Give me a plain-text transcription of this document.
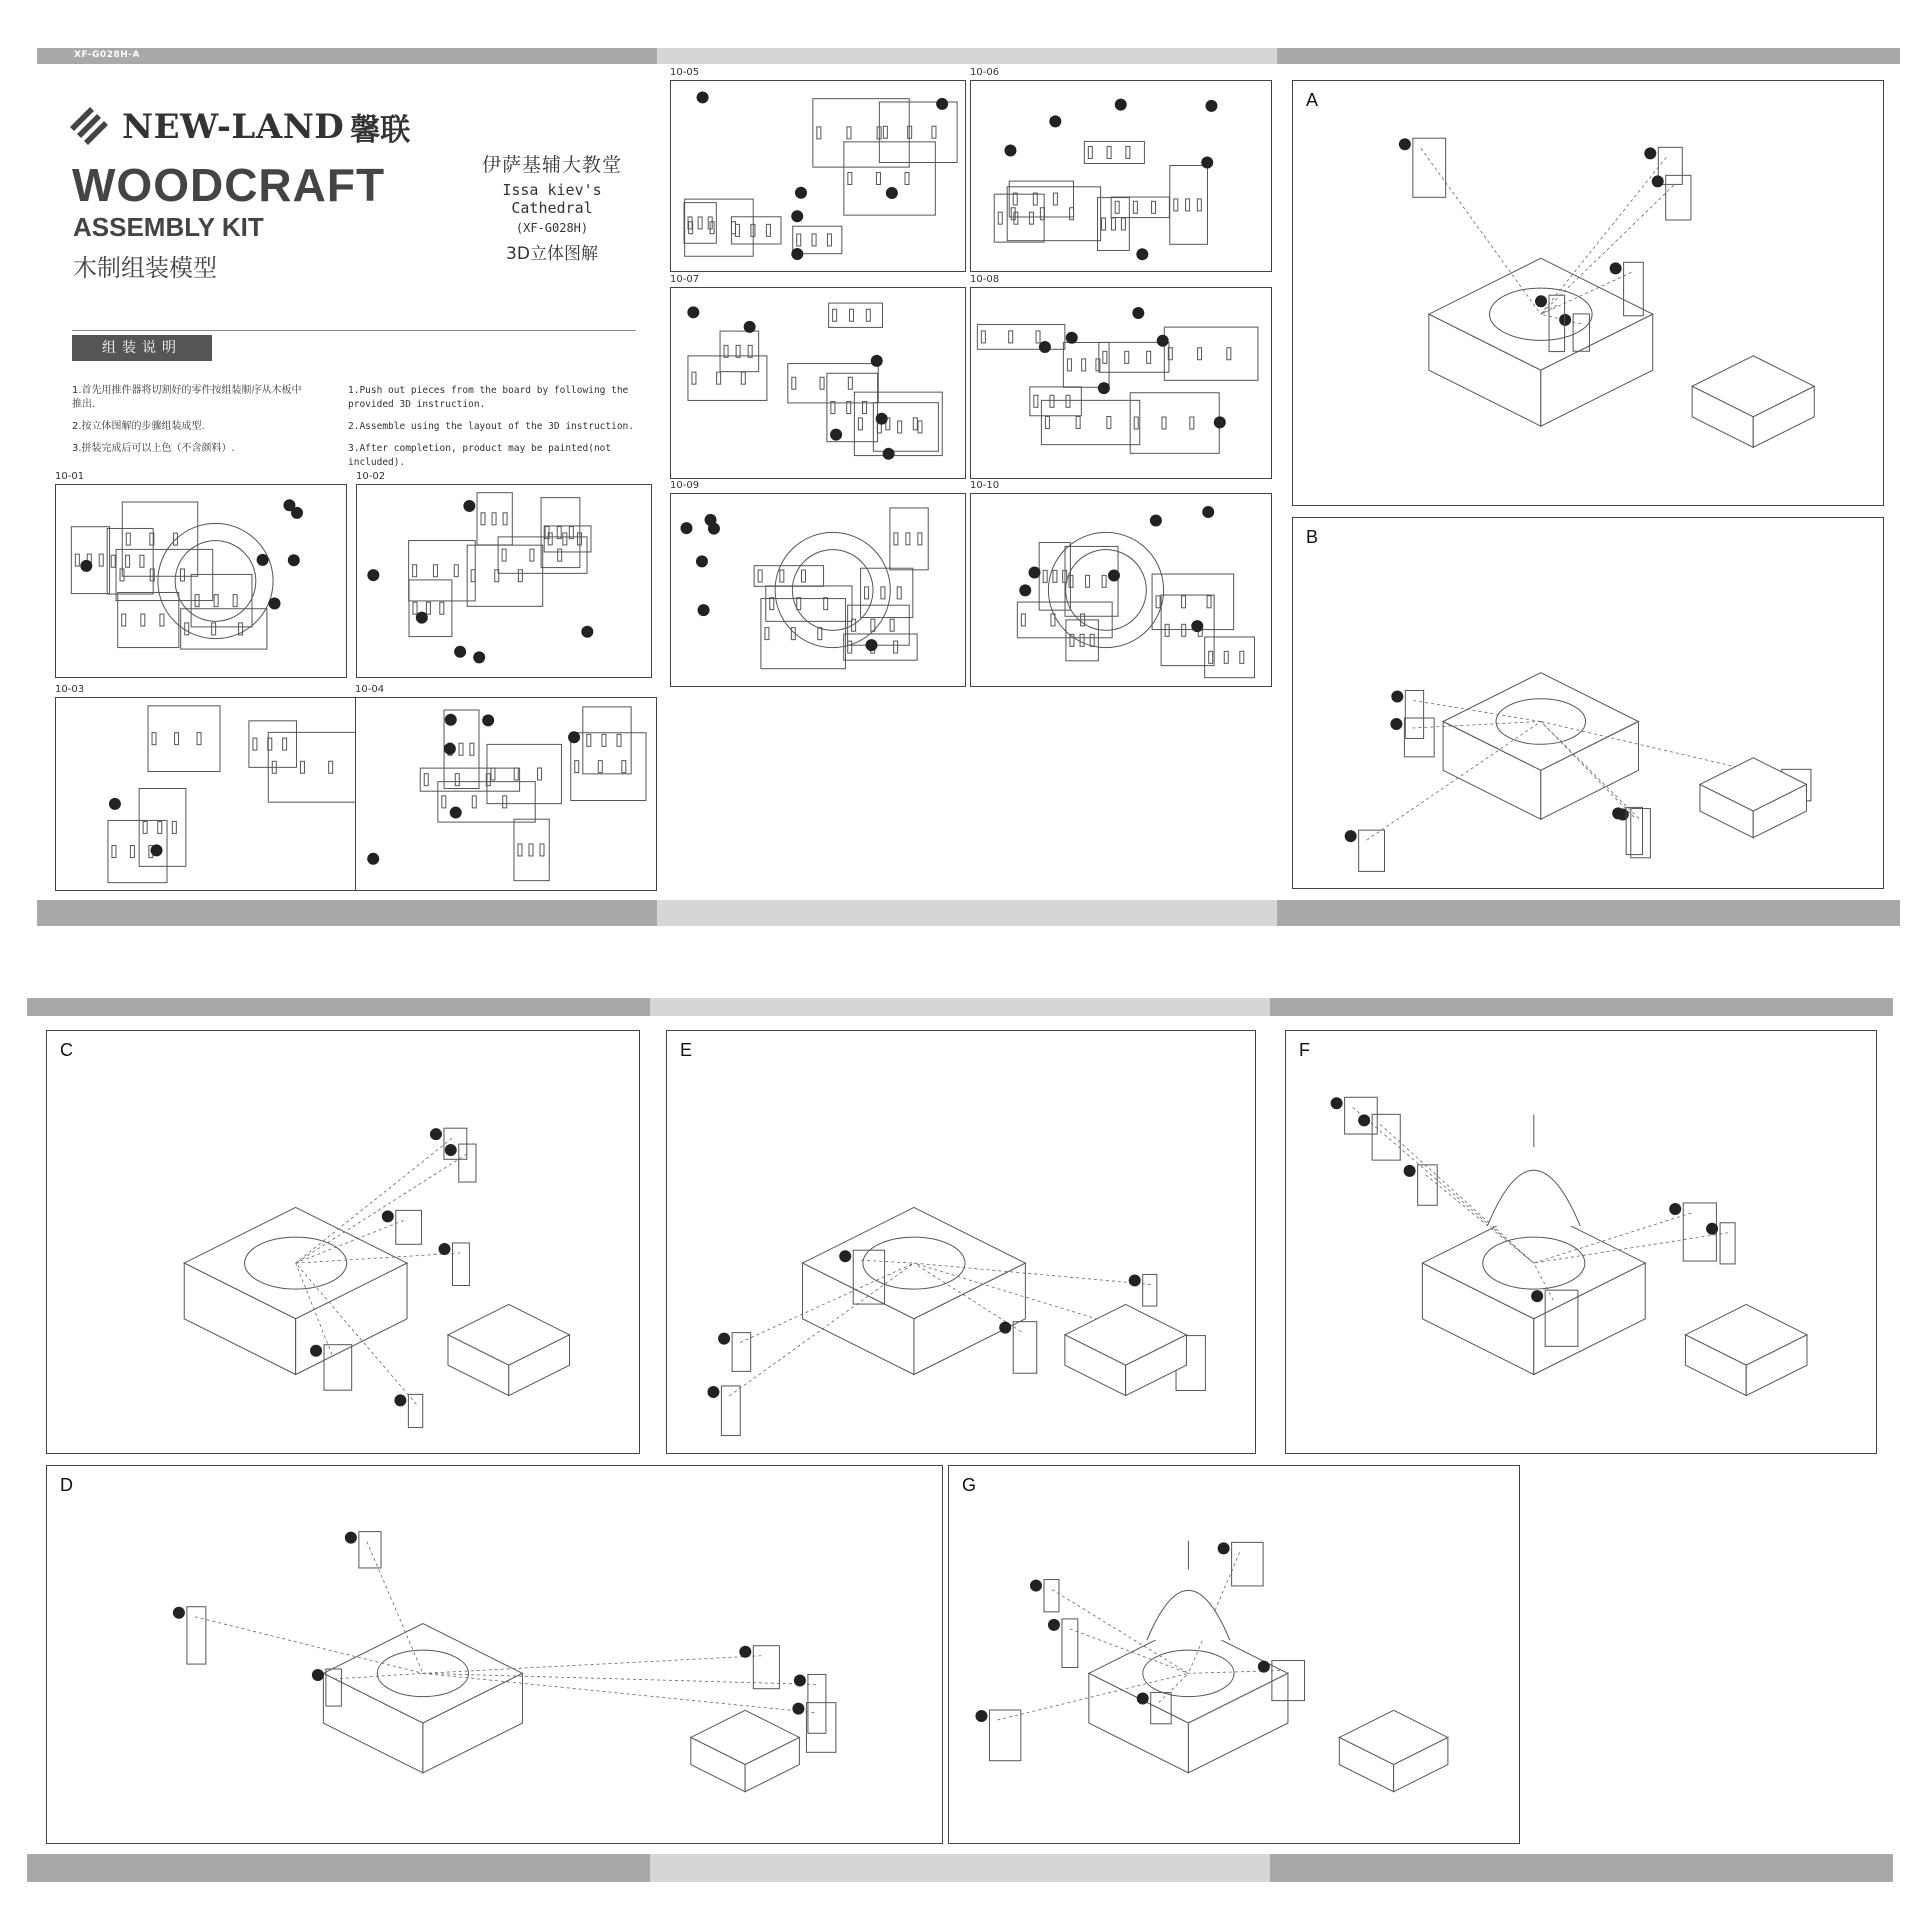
XF-G028H-A
NEW-LAND 馨联
WOODCRAFT
ASSEMBLY KIT
木制组装模型
伊萨基辅大教堂
Issa kiev's Cathedral
(XF-G028H)
3D立体图解
组装说明

1.首先用推件器将切割好的零件按组装顺序从木板中推出.

2.按立体图解的步骤组装成型.

3.拼装完成后可以上色（不含颜料）.

1.Push out pieces from the board by following the provided 3D instruction.

2.Assemble using the layout of the 3D instruction.

3.After completion, product may be painted(not included).

10-01	10-02
10-03	10-04
10-05	10-06
10-07	10-08
10-09	10-10
A
B
C
D
E	F
G
